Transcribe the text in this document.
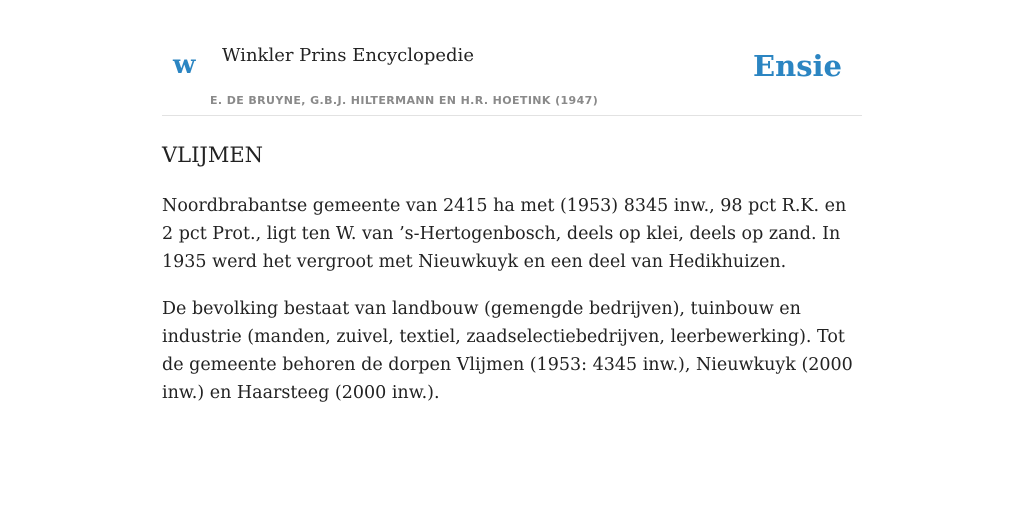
w Winkler Prins Encyclopedie
E. DE BRUYNE, G.B.J. HILTERMANN EN H.R. HOETINK (1947)
Ensie
VLIJMEN

Noordbrabantse gemeente van 2415 ha met (1953) 8345 inw., 98 pct R.K. en 2 pct Prot., ligt ten W. van ’s-Hertogenbosch, deels op klei, deels op zand. In 1935 werd het vergroot met Nieuwkuyk en een deel van Hedikhuizen.

De bevolking bestaat van landbouw (gemengde bedrijven), tuinbouw en industrie (manden, zuivel, textiel, zaadselectiebedrijven, leerbewerking). Tot de gemeente behoren de dorpen Vlijmen (1953: 4345 inw.), Nieuwkuyk (2000 inw.) en Haarsteeg (2000 inw.).
